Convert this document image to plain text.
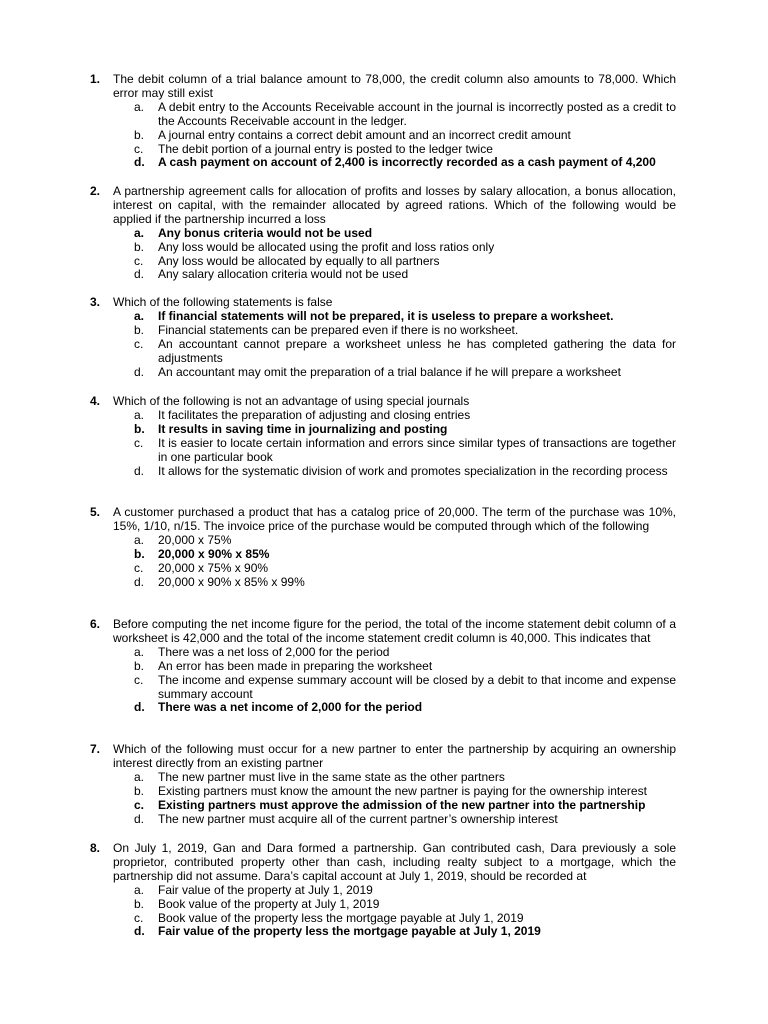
1. The debit column of a trial balance amount to 78,000, the credit column also amounts to 78,000. Which error may still exist
a. A debit entry to the Accounts Receivable account in the journal is incorrectly posted as a credit to the Accounts Receivable account in the ledger.
b. A journal entry contains a correct debit amount and an incorrect credit amount
c. The debit portion of a journal entry is posted to the ledger twice
d. A cash payment on account of 2,400 is incorrectly recorded as a cash payment of 4,200
2. A partnership agreement calls for allocation of profits and losses by salary allocation, a bonus allocation, interest on capital, with the remainder allocated by agreed rations. Which of the following would be applied if the partnership incurred a loss
a. Any bonus criteria would not be used
b. Any loss would be allocated using the profit and loss ratios only
c. Any loss would be allocated by equally to all partners
d. Any salary allocation criteria would not be used
3. Which of the following statements is false
a. If financial statements will not be prepared, it is useless to prepare a worksheet.
b. Financial statements can be prepared even if there is no worksheet.
c. An accountant cannot prepare a worksheet unless he has completed gathering the data for adjustments
d. An accountant may omit the preparation of a trial balance if he will prepare a worksheet
4. Which of the following is not an advantage of using special journals
a. It facilitates the preparation of adjusting and closing entries
b. It results in saving time in journalizing and posting
c. It is easier to locate certain information and errors since similar types of transactions are together in one particular book
d. It allows for the systematic division of work and promotes specialization in the recording process
5. A customer purchased a product that has a catalog price of 20,000. The term of the purchase was 10%, 15%, 1/10, n/15. The invoice price of the purchase would be computed through which of the following
a. 20,000 x 75%
b. 20,000 x 90% x 85%
c. 20,000 x 75% x 90%
d. 20,000 x 90% x 85% x 99%
6. Before computing the net income figure for the period, the total of the income statement debit column of a worksheet is 42,000 and the total of the income statement credit column is 40,000. This indicates that
a. There was a net loss of 2,000 for the period
b. An error has been made in preparing the worksheet
c. The income and expense summary account will be closed by a debit to that income and expense summary account
d. There was a net income of 2,000 for the period
7. Which of the following must occur for a new partner to enter the partnership by acquiring an ownership interest directly from an existing partner
a. The new partner must live in the same state as the other partners
b. Existing partners must know the amount the new partner is paying for the ownership interest
c. Existing partners must approve the admission of the new partner into the partnership
d. The new partner must acquire all of the current partner’s ownership interest
8. On July 1, 2019, Gan and Dara formed a partnership. Gan contributed cash, Dara previously a sole proprietor, contributed property other than cash, including realty subject to a mortgage, which the partnership did not assume. Dara’s capital account at July 1, 2019, should be recorded at
a. Fair value of the property at July 1, 2019
b. Book value of the property at July 1, 2019
c. Book value of the property less the mortgage payable at July 1, 2019
d. Fair value of the property less the mortgage payable at July 1, 2019
